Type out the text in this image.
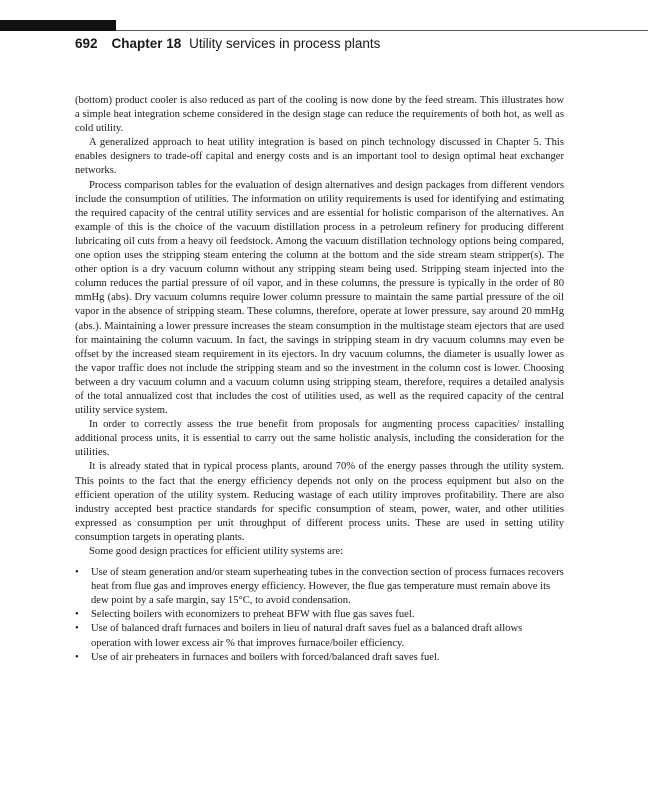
692 Chapter 18 Utility services in process plants

(bottom) product cooler is also reduced as part of the cooling is now done by the feed stream. This illustrates how a simple heat integration scheme considered in the design stage can reduce the requirements of both hot, as well as cold utility.

A generalized approach to heat utility integration is based on pinch technology discussed in Chapter 5. This enables designers to trade-off capital and energy costs and is an important tool to design optimal heat exchanger networks.

Process comparison tables for the evaluation of design alternatives and design packages from different vendors include the consumption of utilities. The information on utility requirements is used for identifying and estimating the required capacity of the central utility services and are essential for holistic comparison of the alternatives. An example of this is the choice of the vacuum distillation process in a petroleum refinery for producing different lubricating oil cuts from a heavy oil feedstock. Among the vacuum distillation technology options being compared, one option uses the stripping steam entering the column at the bottom and the side stream steam stripper(s). The other option is a dry vacuum column without any stripping steam being used. Stripping steam injected into the column reduces the partial pressure of oil vapor, and in these columns, the pressure is typically in the order of 80 mmHg (abs). Dry vacuum columns require lower column pressure to maintain the same partial pressure of the oil vapor in the absence of stripping steam. These columns, therefore, operate at lower pressure, say around 20 mmHg (abs.). Maintaining a lower pressure increases the steam consumption in the multistage steam ejectors that are used for maintaining the column vacuum. In fact, the savings in stripping steam in dry vacuum columns may even be offset by the increased steam requirement in its ejectors. In dry vacuum columns, the diameter is usually lower as the vapor traffic does not include the stripping steam and so the investment in the column cost is lower. Choosing between a dry vacuum column and a vacuum column using stripping steam, therefore, requires a detailed analysis of the total annualized cost that includes the cost of utilities used, as well as the required capacity of the central utility service system.

In order to correctly assess the true benefit from proposals for augmenting process capacities/ installing additional process units, it is essential to carry out the same holistic analysis, including the consideration for the utilities.

It is already stated that in typical process plants, around 70% of the energy passes through the utility system. This points to the fact that the energy efficiency depends not only on the process equipment but also on the efficient operation of the utility system. Reducing wastage of each utility improves profitability. There are also industry accepted best practice standards for specific consumption of steam, power, water, and other utilities expressed as consumption per unit throughput of different process units. These are used in setting utility consumption targets in operating plants.

Some good design practices for efficient utility systems are:

• Use of steam generation and/or steam superheating tubes in the convection section of process furnaces recovers heat from flue gas and improves energy efficiency. However, the flue gas temperature must remain above its dew point by a safe margin, say 15°C, to avoid condensation.
• Selecting boilers with economizers to preheat BFW with flue gas saves fuel.
• Use of balanced draft furnaces and boilers in lieu of natural draft saves fuel as a balanced draft allows operation with lower excess air % that improves furnace/boiler efficiency.
• Use of air preheaters in furnaces and boilers with forced/balanced draft saves fuel.
